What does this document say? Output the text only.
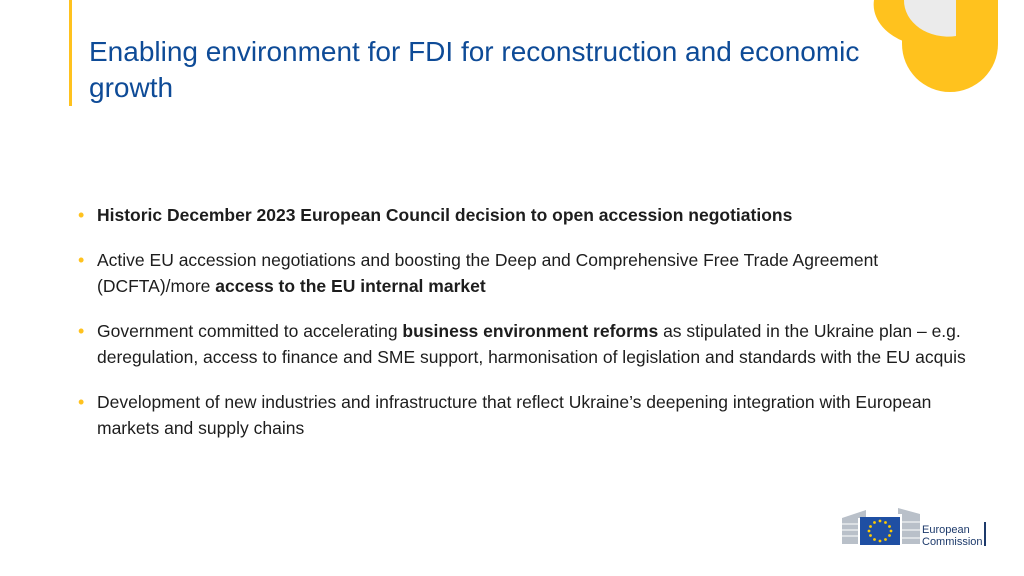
Enabling environment for FDI for reconstruction and economic growth
• Historic December 2023 European Council decision to open accession negotiations
• Active EU accession negotiations and boosting the Deep and Comprehensive Free Trade Agreement (DCFTA)/more access to the EU internal market
• Government committed to accelerating business environment reforms as stipulated in the Ukraine plan – e.g. deregulation, access to finance and SME support, harmonisation of legislation and standards with the EU acquis
• Development of new industries and infrastructure that reflect Ukraine’s deepening integration with European markets and supply chains
European
Commission
